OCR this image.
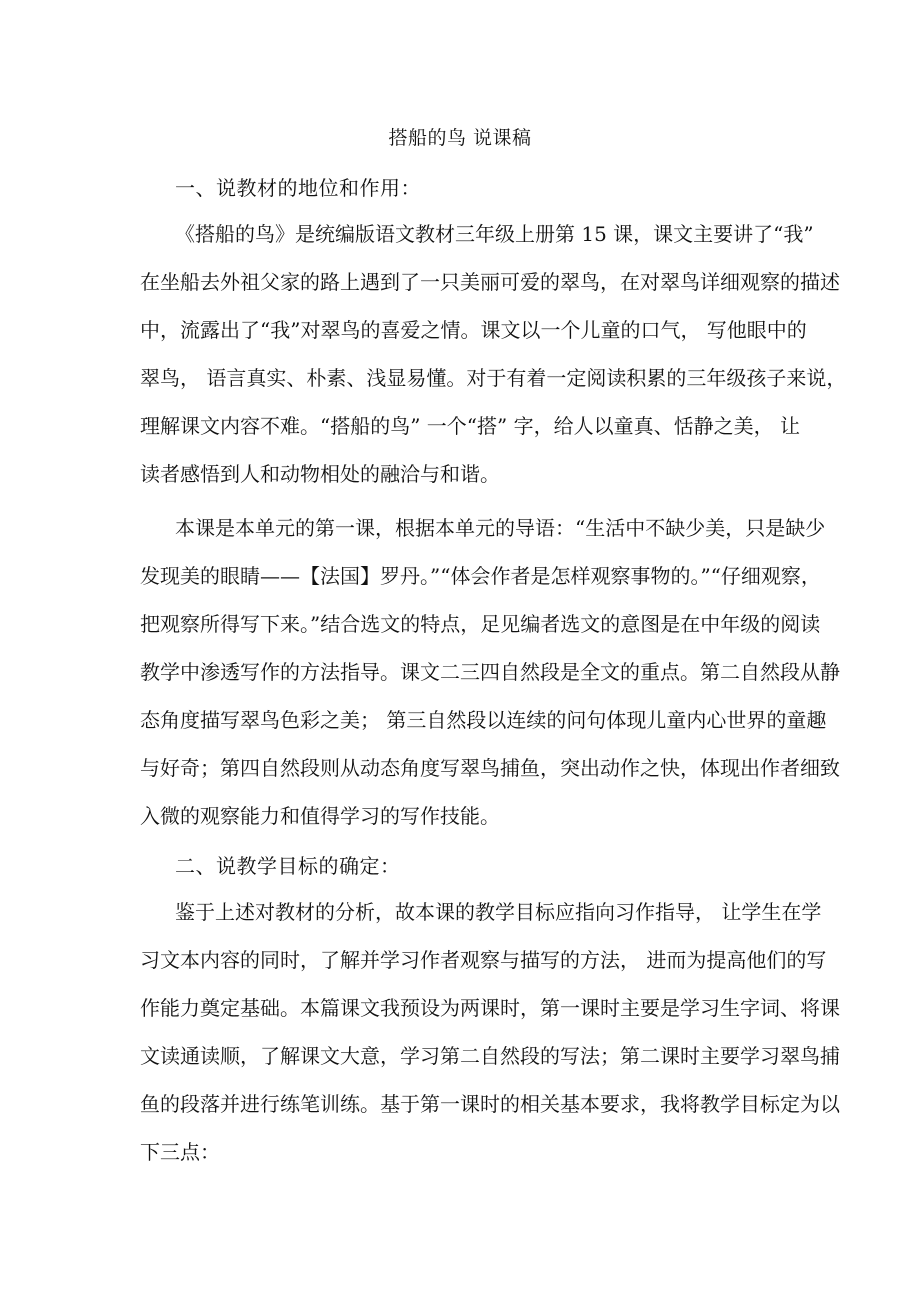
搭船的鸟 说课稿
一、说教材的地位和作用：
《搭船的鸟》是统编版语文教材三年级上册第 15 课，课文主要讲了“我”
在坐船去外祖父家的路上遇到了一只美丽可爱的翠鸟，在对翠鸟详细观察的描述
中，流露出了“我”对翠鸟的喜爱之情。课文以一个儿童的口气， 写他眼中的
翠鸟， 语言真实、朴素、浅显易懂。对于有着一定阅读积累的三年级孩子来说，
理解课文内容不难。“搭船的鸟” 一个“搭” 字，给人以童真、恬静之美， 让
读者感悟到人和动物相处的融洽与和谐。
本课是本单元的第一课，根据本单元的导语：“生活中不缺少美，只是缺少
发现美的眼睛——【法国】罗丹。”“体会作者是怎样观察事物的。”“仔细观察，
把观察所得写下来。”结合选文的特点，足见编者选文的意图是在中年级的阅读
教学中渗透写作的方法指导。课文二三四自然段是全文的重点。第二自然段从静
态角度描写翠鸟色彩之美； 第三自然段以连续的问句体现儿童内心世界的童趣
与好奇；第四自然段则从动态角度写翠鸟捕鱼，突出动作之快，体现出作者细致
入微的观察能力和值得学习的写作技能。
二、说教学目标的确定：
鉴于上述对教材的分析，故本课的教学目标应指向习作指导， 让学生在学
习文本内容的同时，了解并学习作者观察与描写的方法， 进而为提高他们的写
作能力奠定基础。本篇课文我预设为两课时，第一课时主要是学习生字词、将课
文读通读顺，了解课文大意，学习第二自然段的写法；第二课时主要学习翠鸟捕
鱼的段落并进行练笔训练。基于第一课时的相关基本要求，我将教学目标定为以
下三点：
